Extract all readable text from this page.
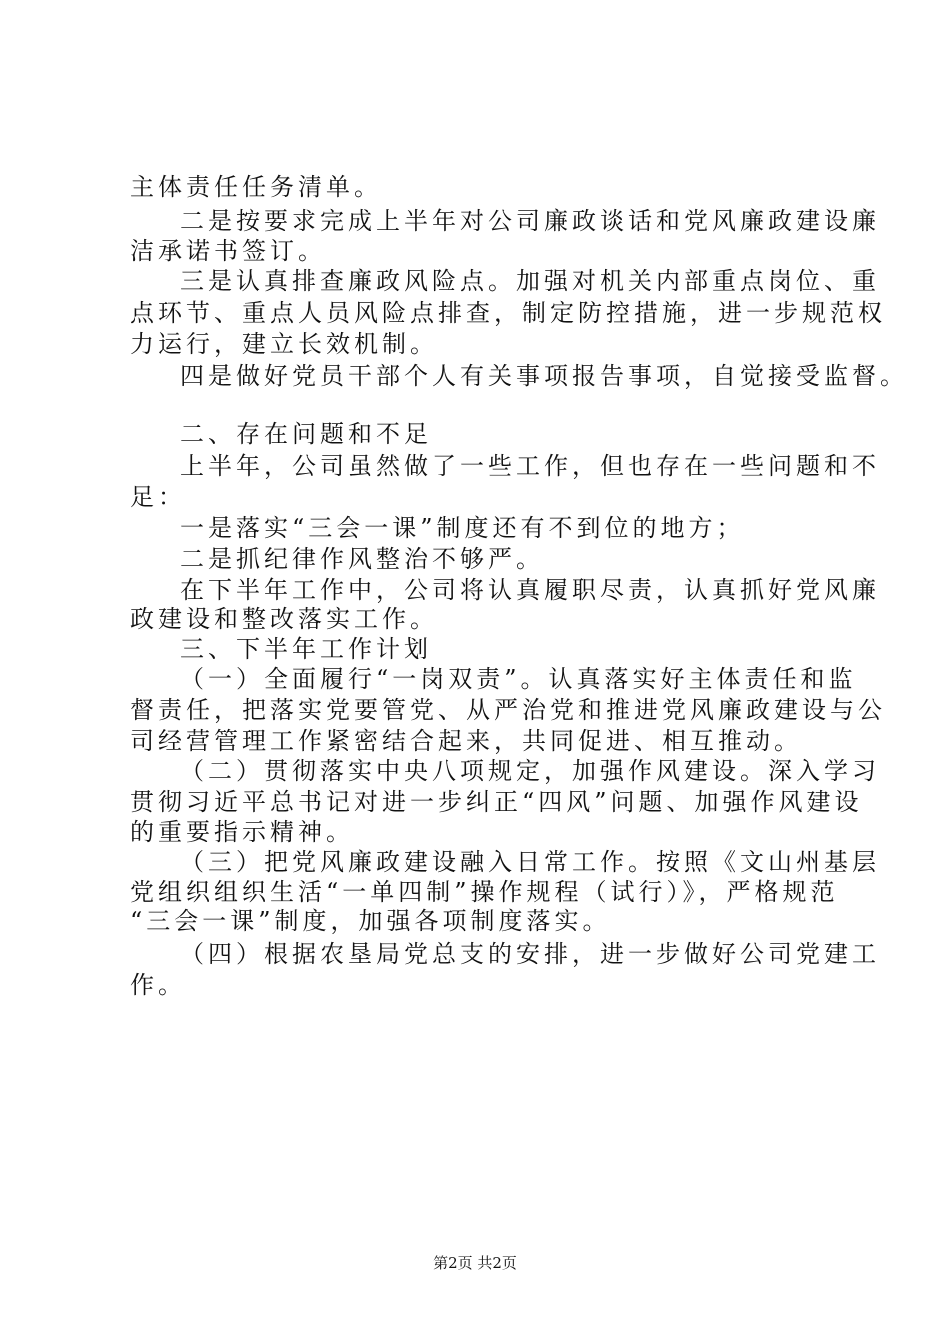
主体责任任务清单。
二是按要求完成上半年对公司廉政谈话和党风廉政建设廉
洁承诺书签订。
三是认真排查廉政风险点。加强对机关内部重点岗位、重
点环节、重点人员风险点排查，制定防控措施，进一步规范权
力运行，建立长效机制。
四是做好党员干部个人有关事项报告事项，自觉接受监督。
二、存在问题和不足
上半年，公司虽然做了一些工作，但也存在一些问题和不
足：
一是落实“三会一课”制度还有不到位的地方；
二是抓纪律作风整治不够严。
在下半年工作中，公司将认真履职尽责，认真抓好党风廉
政建设和整改落实工作。
三、下半年工作计划
（一）全面履行“一岗双责”。认真落实好主体责任和监
督责任，把落实党要管党、从严治党和推进党风廉政建设与公
司经营管理工作紧密结合起来，共同促进、相互推动。
（二）贯彻落实中央八项规定，加强作风建设。深入学习
贯彻习近平总书记对进一步纠正“四风”问题、加强作风建设
的重要指示精神。
（三）把党风廉政建设融入日常工作。按照《文山州基层
党组织组织生活“一单四制”操作规程（试行）》，严格规范
“三会一课”制度，加强各项制度落实。
（四）根据农垦局党总支的安排，进一步做好公司党建工
作。
第2页 共2页
